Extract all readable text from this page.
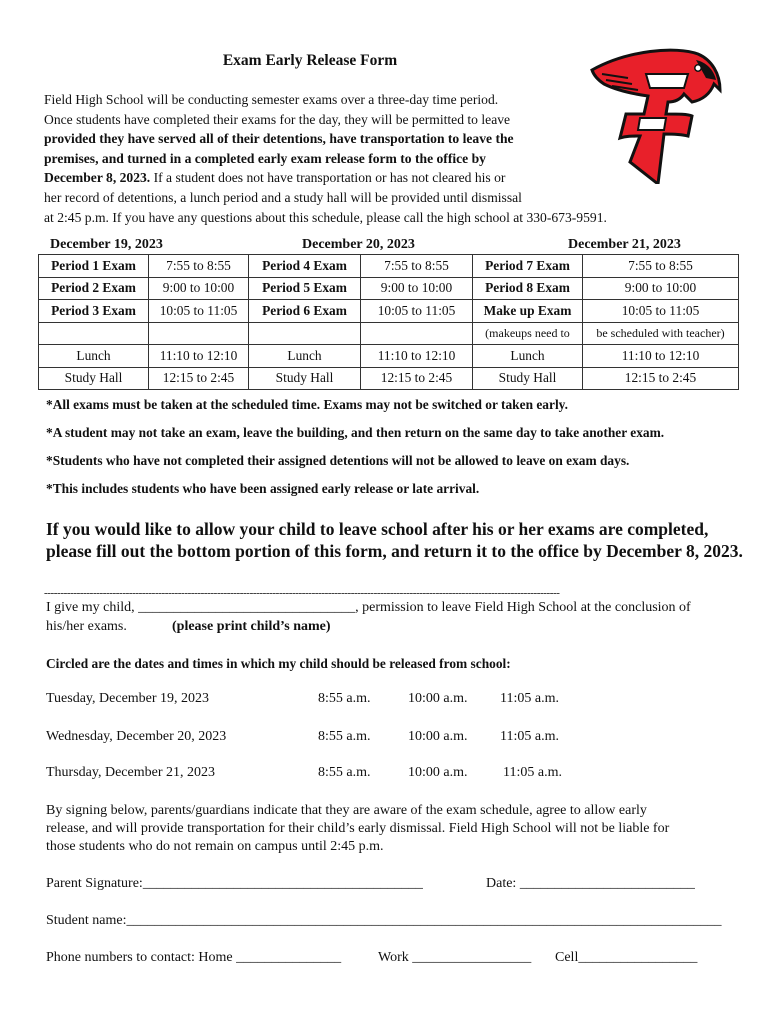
Exam Early Release Form
Field High School will be conducting semester exams over a three-day time period.
Once students have completed their exams for the day, they will be permitted to leave
provided they have served all of their detentions, have transportation to leave the
premises, and turned in a completed early exam release form to the office by
December 8, 2023. If a student does not have transportation or has not cleared his or
her record of detentions, a lunch period and a study hall will be provided until dismissal
at 2:45 p.m. If you have any questions about this schedule, please call the high school at 330-673-9591.
December 19, 2023	December 20, 2023	December 21, 2023
Period 1 Exam	7:55 to 8:55	Period 4 Exam	7:55 to 8:55	Period 7 Exam	7:55 to 8:55
Period 2 Exam	9:00 to 10:00	Period 5 Exam	9:00 to 10:00	Period 8 Exam	9:00 to 10:00
Period 3 Exam	10:05 to 11:05	Period 6 Exam	10:05 to 11:05	Make up Exam	10:05 to 11:05
				(makeups need to	be scheduled with teacher)
Lunch	11:10 to 12:10	Lunch	11:10 to 12:10	Lunch	11:10 to 12:10
Study Hall	12:15 to 2:45	Study Hall	12:15 to 2:45	Study Hall	12:15 to 2:45
*All exams must be taken at the scheduled time. Exams may not be switched or taken early.
*A student may not take an exam, leave the building, and then return on the same day to take another exam.
*Students who have not completed their assigned detentions will not be allowed to leave on exam days.
*This includes students who have been assigned early release or late arrival.
If you would like to allow your child to leave school after his or her exams are completed, please fill out the bottom portion of this form, and return it to the office by December 8, 2023.
--------------------------------------------------------------------------------------------------------------------------------------------------------------
I give my child, _______________________________, permission to leave Field High School at the conclusion of
his/her exams.	(please print child’s name)
Circled are the dates and times in which my child should be released from school:
Tuesday, December 19, 2023	8:55 a.m.	10:00 a.m. 11:05 a.m.
Wednesday, December 20, 2023	8:55 a.m.	10:00 a.m. 11:05 a.m.
Thursday, December 21, 2023	8:55 a.m.	10:00 a.m.	11:05 a.m.
By signing below, parents/guardians indicate that they are aware of the exam schedule, agree to allow early
release, and will provide transportation for their child’s early dismissal. Field High School will not be liable for
those students who do not remain on campus until 2:45 p.m.
Parent Signature:________________________________________	Date: _________________________
Student name:_____________________________________________________________________________________
Phone numbers to contact: Home _______________	Work _________________ Cell_________________
